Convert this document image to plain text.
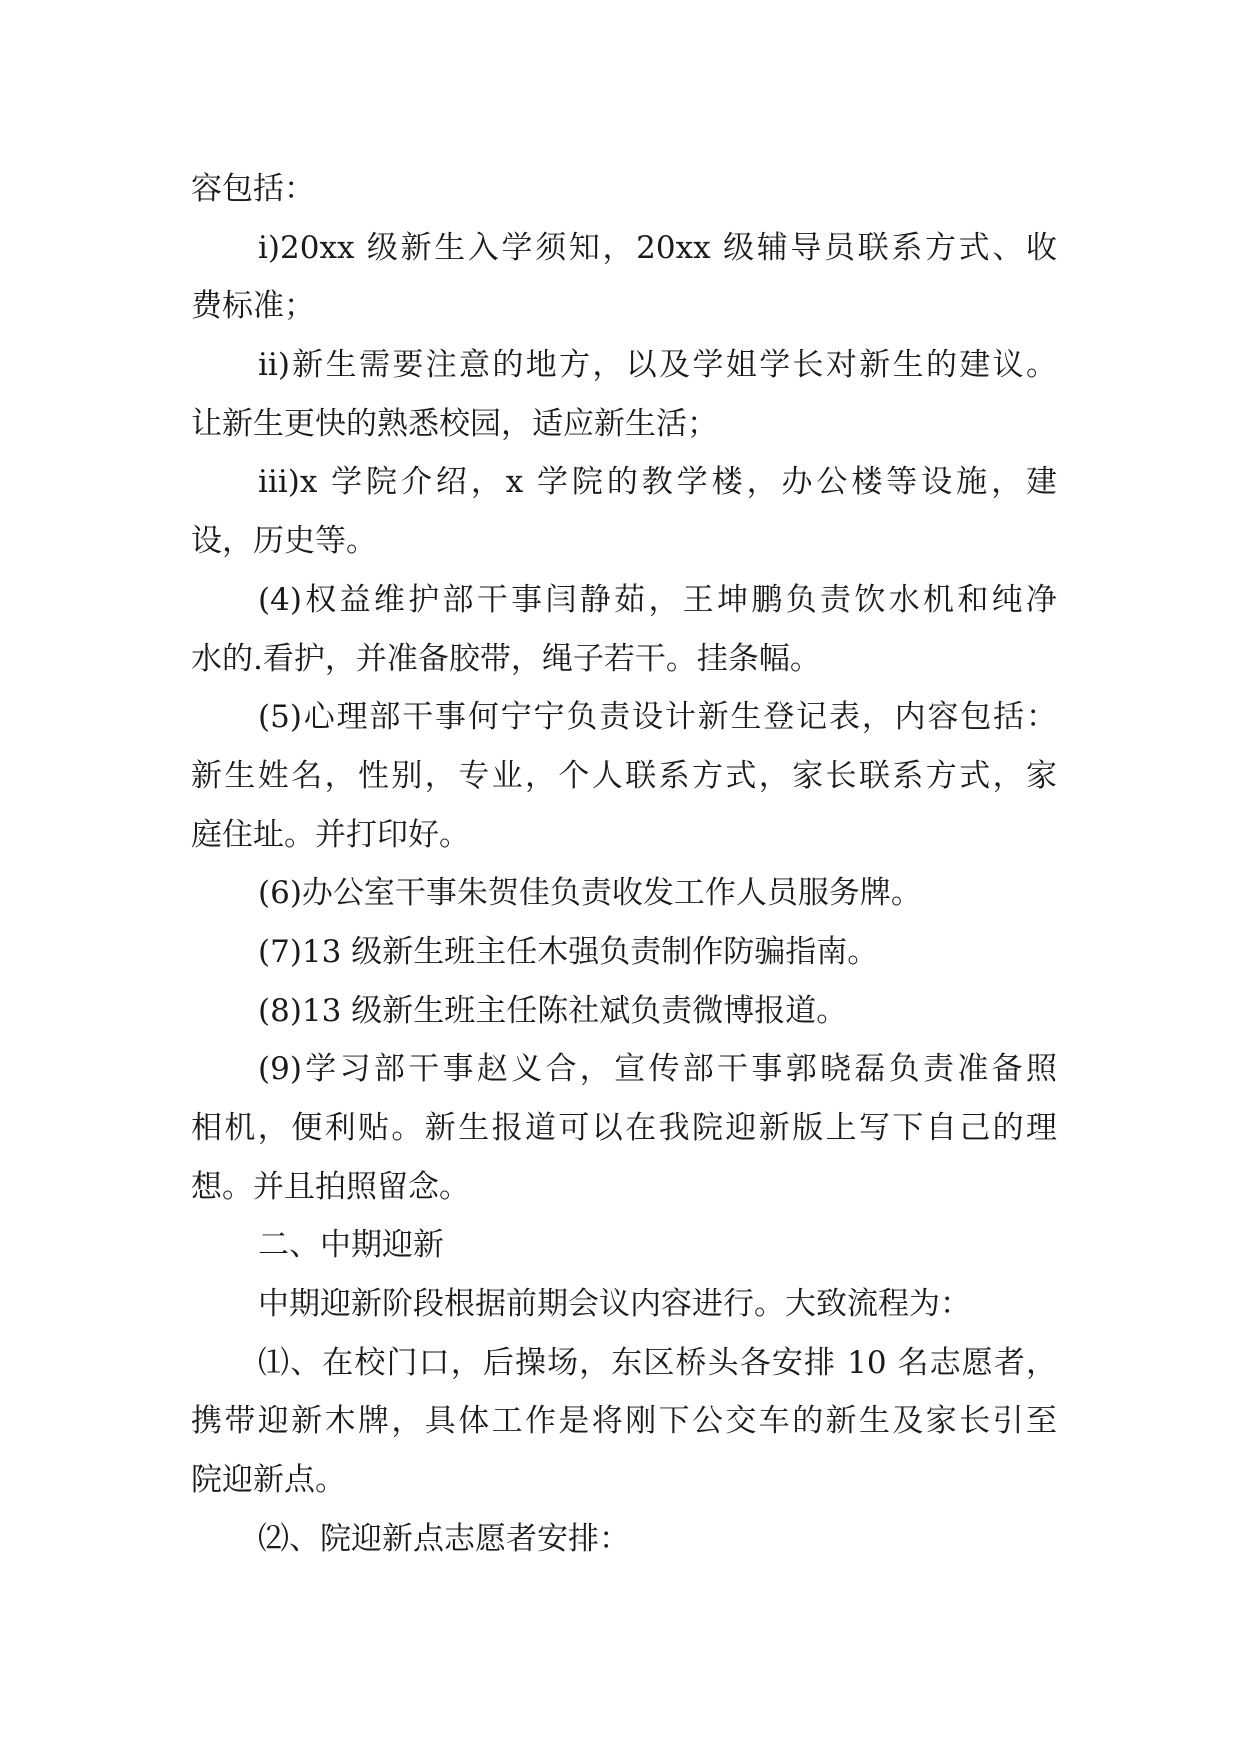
容包括：
i)20xx 级新生入学须知，20xx 级辅导员联系方式、收
费标准；
ii)新生需要注意的地方，以及学姐学长对新生的建议。
让新生更快的熟悉校园，适应新生活；
iii)x 学院介绍，x 学院的教学楼，办公楼等设施，建
设，历史等。
(4)权益维护部干事闫静茹，王坤鹏负责饮水机和纯净
水的.看护，并准备胶带，绳子若干。挂条幅。
(5)心理部干事何宁宁负责设计新生登记表，内容包括：
新生姓名，性别，专业，个人联系方式，家长联系方式，家
庭住址。并打印好。
(6)办公室干事朱贺佳负责收发工作人员服务牌。
(7)13 级新生班主任木强负责制作防骗指南。
(8)13 级新生班主任陈社斌负责微博报道。
(9)学习部干事赵义合，宣传部干事郭晓磊负责准备照
相机，便利贴。新生报道可以在我院迎新版上写下自己的理
想。并且拍照留念。
二、中期迎新
中期迎新阶段根据前期会议内容进行。大致流程为：
⑴、在校门口，后操场，东区桥头各安排 10 名志愿者，
携带迎新木牌，具体工作是将刚下公交车的新生及家长引至
院迎新点。
⑵、院迎新点志愿者安排：
